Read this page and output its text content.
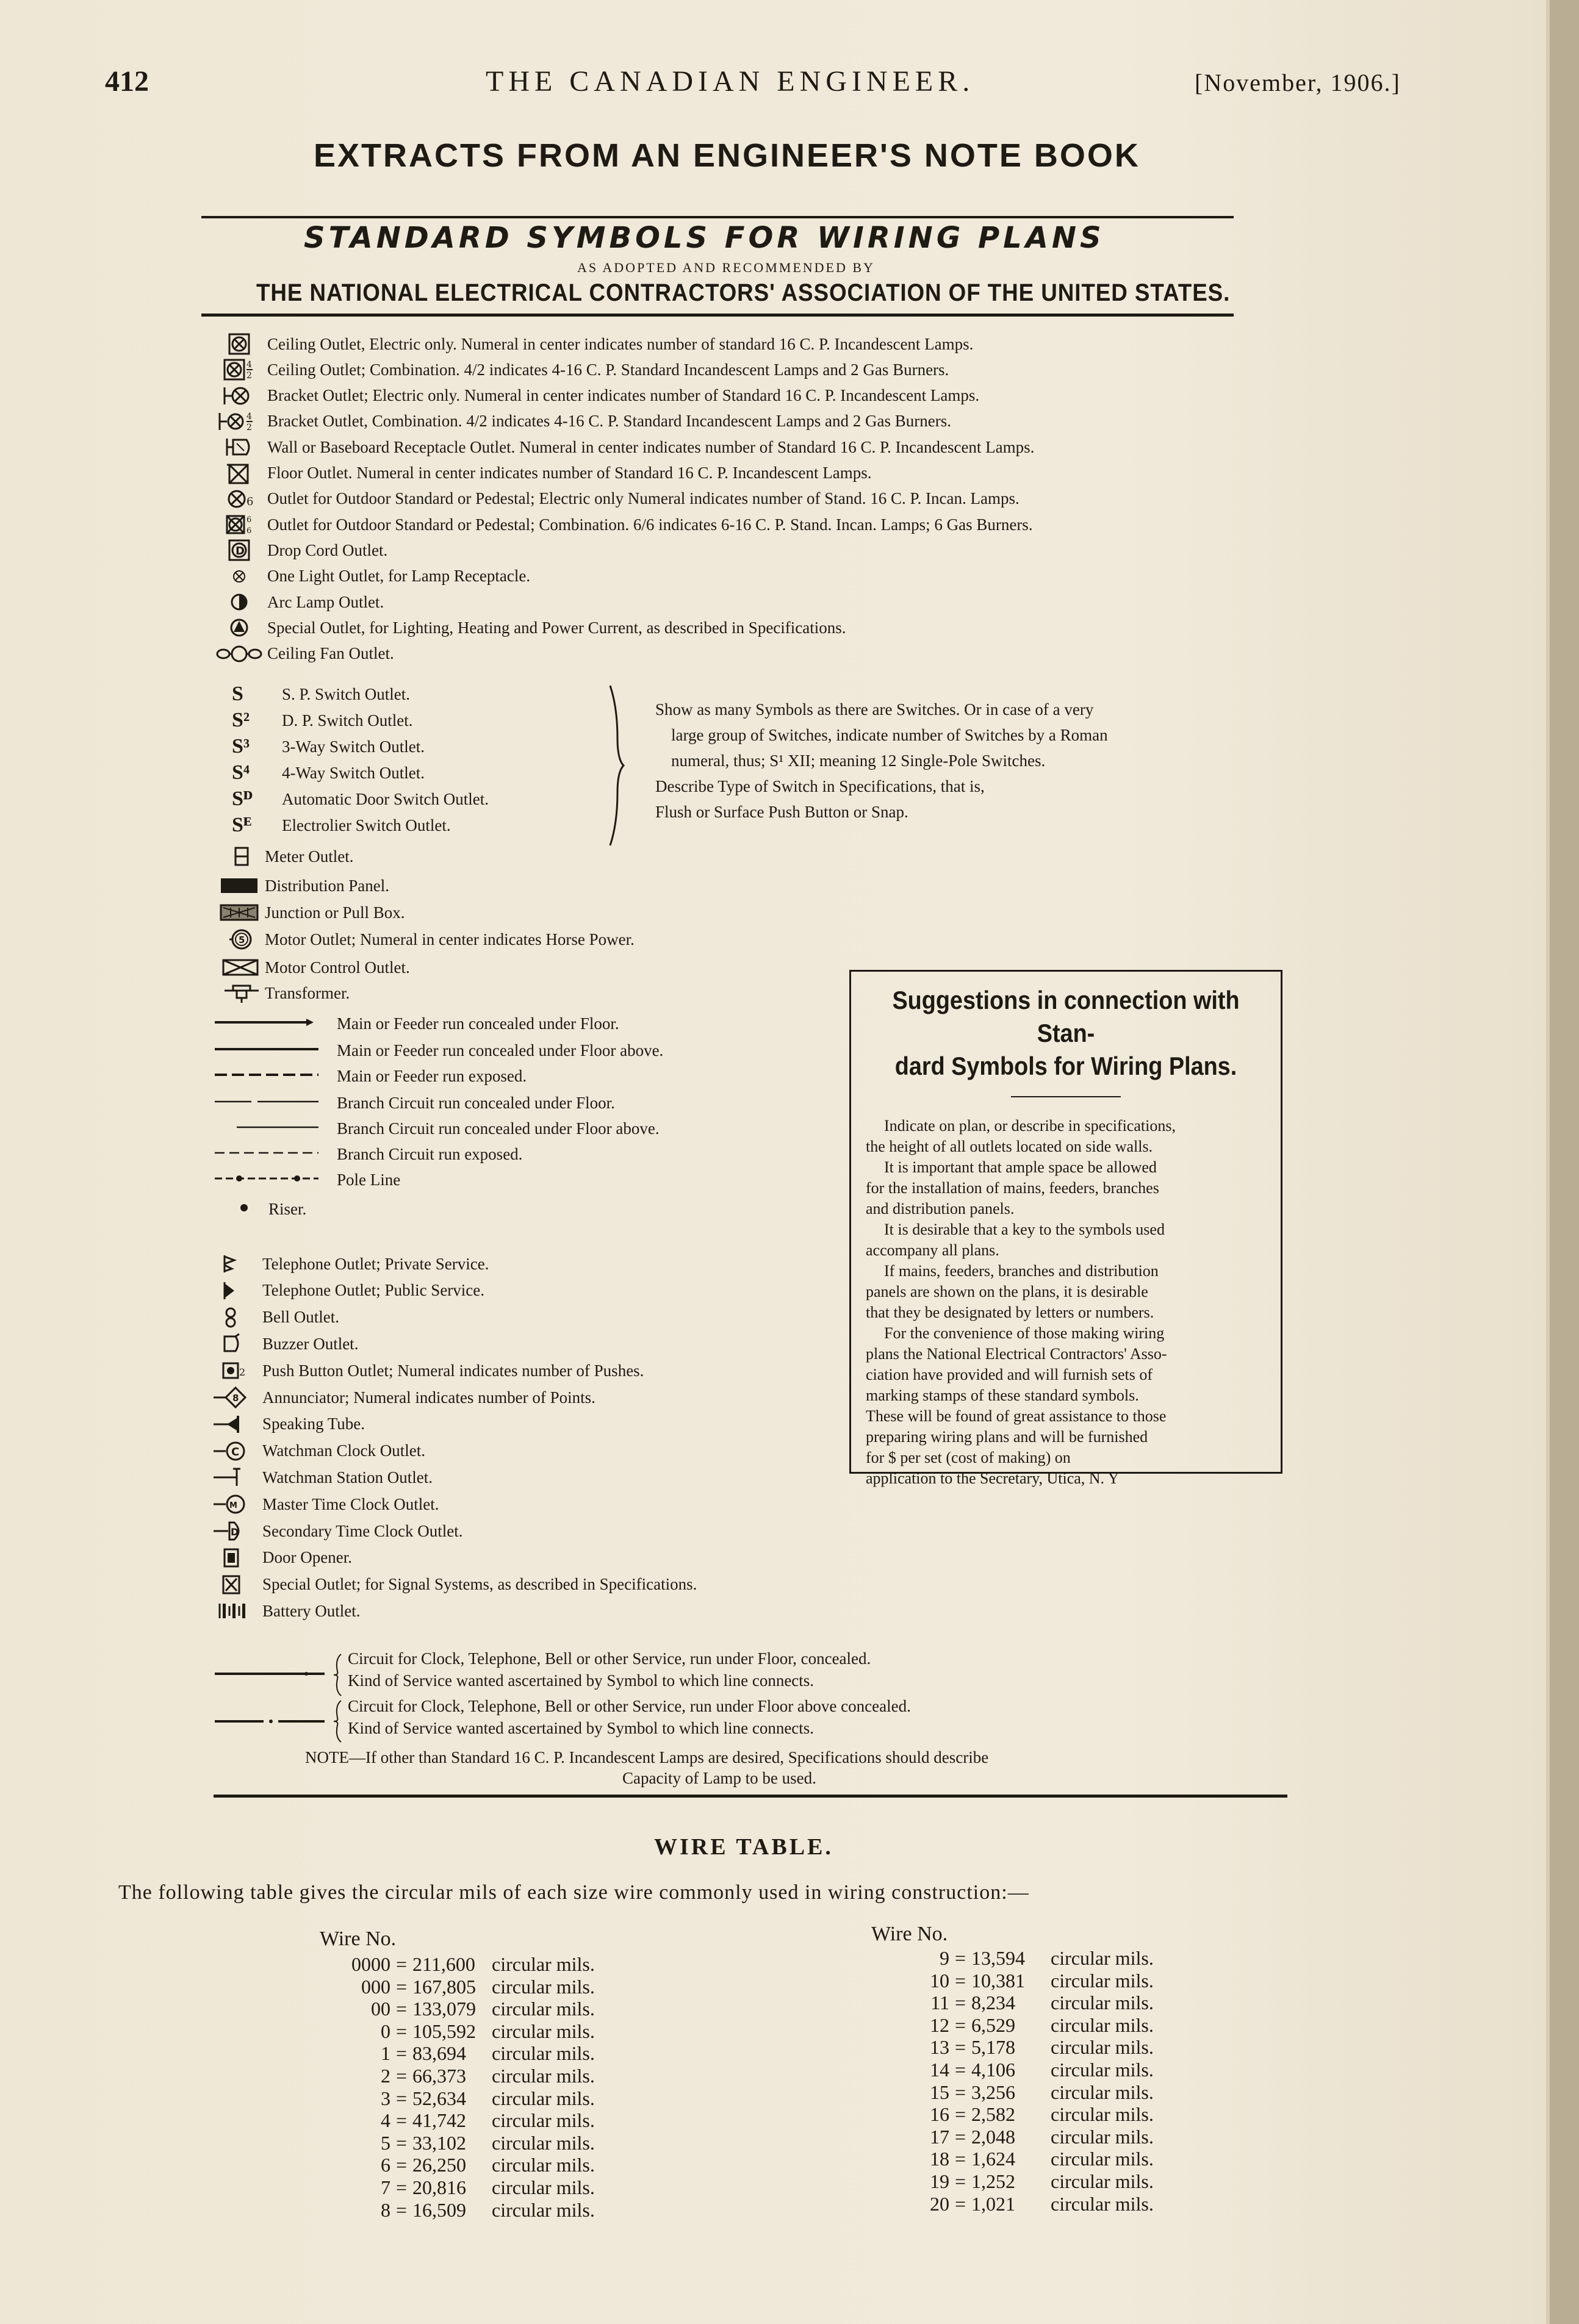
412	THE CANADIAN ENGINEER.	[November, 1906.]
EXTRACTS FROM AN ENGINEER'S NOTE BOOK
STANDARD SYMBOLS FOR WIRING PLANS
AS ADOPTED AND RECOMMENDED BY
THE NATIONAL ELECTRICAL CONTRACTORS' ASSOCIATION OF THE UNITED STATES.
Ceiling Outlet, Electric only. Numeral in center indicates number of standard 16 C. P. Incandescent Lamps.
4
2 Ceiling Outlet; Combination. 4/2 indicates 4-16 C. P. Standard Incandescent Lamps and 2 Gas Burners.
Bracket Outlet; Electric only. Numeral in center indicates number of Standard 16 C. P. Incandescent Lamps.
4
2 Bracket Outlet, Combination. 4/2 indicates 4-16 C. P. Standard Incandescent Lamps and 2 Gas Burners.
Wall or Baseboard Receptacle Outlet. Numeral in center indicates number of Standard 16 C. P. Incandescent Lamps.
Floor Outlet. Numeral in center indicates number of Standard 16 C. P. Incandescent Lamps.
6 Outlet for Outdoor Standard or Pedestal; Electric only Numeral indicates number of Stand. 16 C. P. Incan. Lamps.
6
6 Outlet for Outdoor Standard or Pedestal; Combination. 6/6 indicates 6-16 C. P. Stand. Incan. Lamps; 6 Gas Burners.
D Drop Cord Outlet.
One Light Outlet, for Lamp Receptacle.
Arc Lamp Outlet.
Special Outlet, for Lighting, Heating and Power Current, as described in Specifications.
Ceiling Fan Outlet.
S	S. P. Switch Outlet.
S²	D. P. Switch Outlet.
S³	3-Way Switch Outlet.
S⁴	4-Way Switch Outlet.
Sᴰ	Automatic Door Switch Outlet.
Sᴱ	Electrolier Switch Outlet.
Show as many Symbols as there are Switches. Or in case of a very
large group of Switches, indicate number of Switches by a Roman
numeral, thus; S¹ XII; meaning 12 Single-Pole Switches.
Describe Type of Switch in Specifications, that is,
Flush or Surface Push Button or Snap.
Meter Outlet.
Distribution Panel.
Junction or Pull Box.
5 Motor Outlet; Numeral in center indicates Horse Power.
Motor Control Outlet.
Transformer.
Main or Feeder run concealed under Floor.
Main or Feeder run concealed under Floor above.
Main or Feeder run exposed.
Branch Circuit run concealed under Floor.
Branch Circuit run concealed under Floor above.
Branch Circuit run exposed.
Pole Line
Riser.
Telephone Outlet; Private Service.
Telephone Outlet; Public Service.
Bell Outlet.
Buzzer Outlet.
2 Push Button Outlet; Numeral indicates number of Pushes.
8 Annunciator; Numeral indicates number of Points.
Speaking Tube.
C Watchman Clock Outlet.
Watchman Station Outlet.
M Master Time Clock Outlet.
D Secondary Time Clock Outlet.
Door Opener.
Special Outlet; for Signal Systems, as described in Specifications.
Battery Outlet.
Suggestions in connection with Stan-
dard Symbols for Wiring Plans.
Indicate on plan, or describe in specifications,
the height of all outlets located on side walls.
It is important that ample space be allowed
for the installation of mains, feeders, branches
and distribution panels.
It is desirable that a key to the symbols used
accompany all plans.
If mains, feeders, branches and distribution
panels are shown on the plans, it is desirable
that they be designated by letters or numbers.
For the convenience of those making wiring
plans the National Electrical Contractors' Asso-
ciation have provided and will furnish sets of
marking stamps of these standard symbols.
These will be found of great assistance to those
preparing wiring plans and will be furnished
for $ per set (cost of making) on
application to the Secretary, Utica, N. Y
Circuit for Clock, Telephone, Bell or other Service, run under Floor, concealed.
Kind of Service wanted ascertained by Symbol to which line connects.
Circuit for Clock, Telephone, Bell or other Service, run under Floor above concealed.
Kind of Service wanted ascertained by Symbol to which line connects.
NOTE—If other than Standard 16 C. P. Incandescent Lamps are desired, Specifications should describe
Capacity of Lamp to be used.
WIRE TABLE.
The following table gives the circular mils of each size wire commonly used in wiring construction:—
Wire No.	Wire No.
0000 = 211,600 circular mils.
000 = 167,805 circular mils.
00 = 133,079 circular mils.
0 = 105,592 circular mils.
1 = 83,694 circular mils.
2 = 66,373 circular mils.
3 = 52,634 circular mils.
4 = 41,742 circular mils.
5 = 33,102 circular mils.
6 = 26,250 circular mils.
7 = 20,816 circular mils.
8 = 16,509 circular mils.
9 = 13,594 circular mils.
10 = 10,381 circular mils.
11 = 8,234 circular mils.
12 = 6,529 circular mils.
13 = 5,178 circular mils.
14 = 4,106 circular mils.
15 = 3,256 circular mils.
16 = 2,582 circular mils.
17 = 2,048 circular mils.
18 = 1,624 circular mils.
19 = 1,252 circular mils.
20 = 1,021 circular mils.
